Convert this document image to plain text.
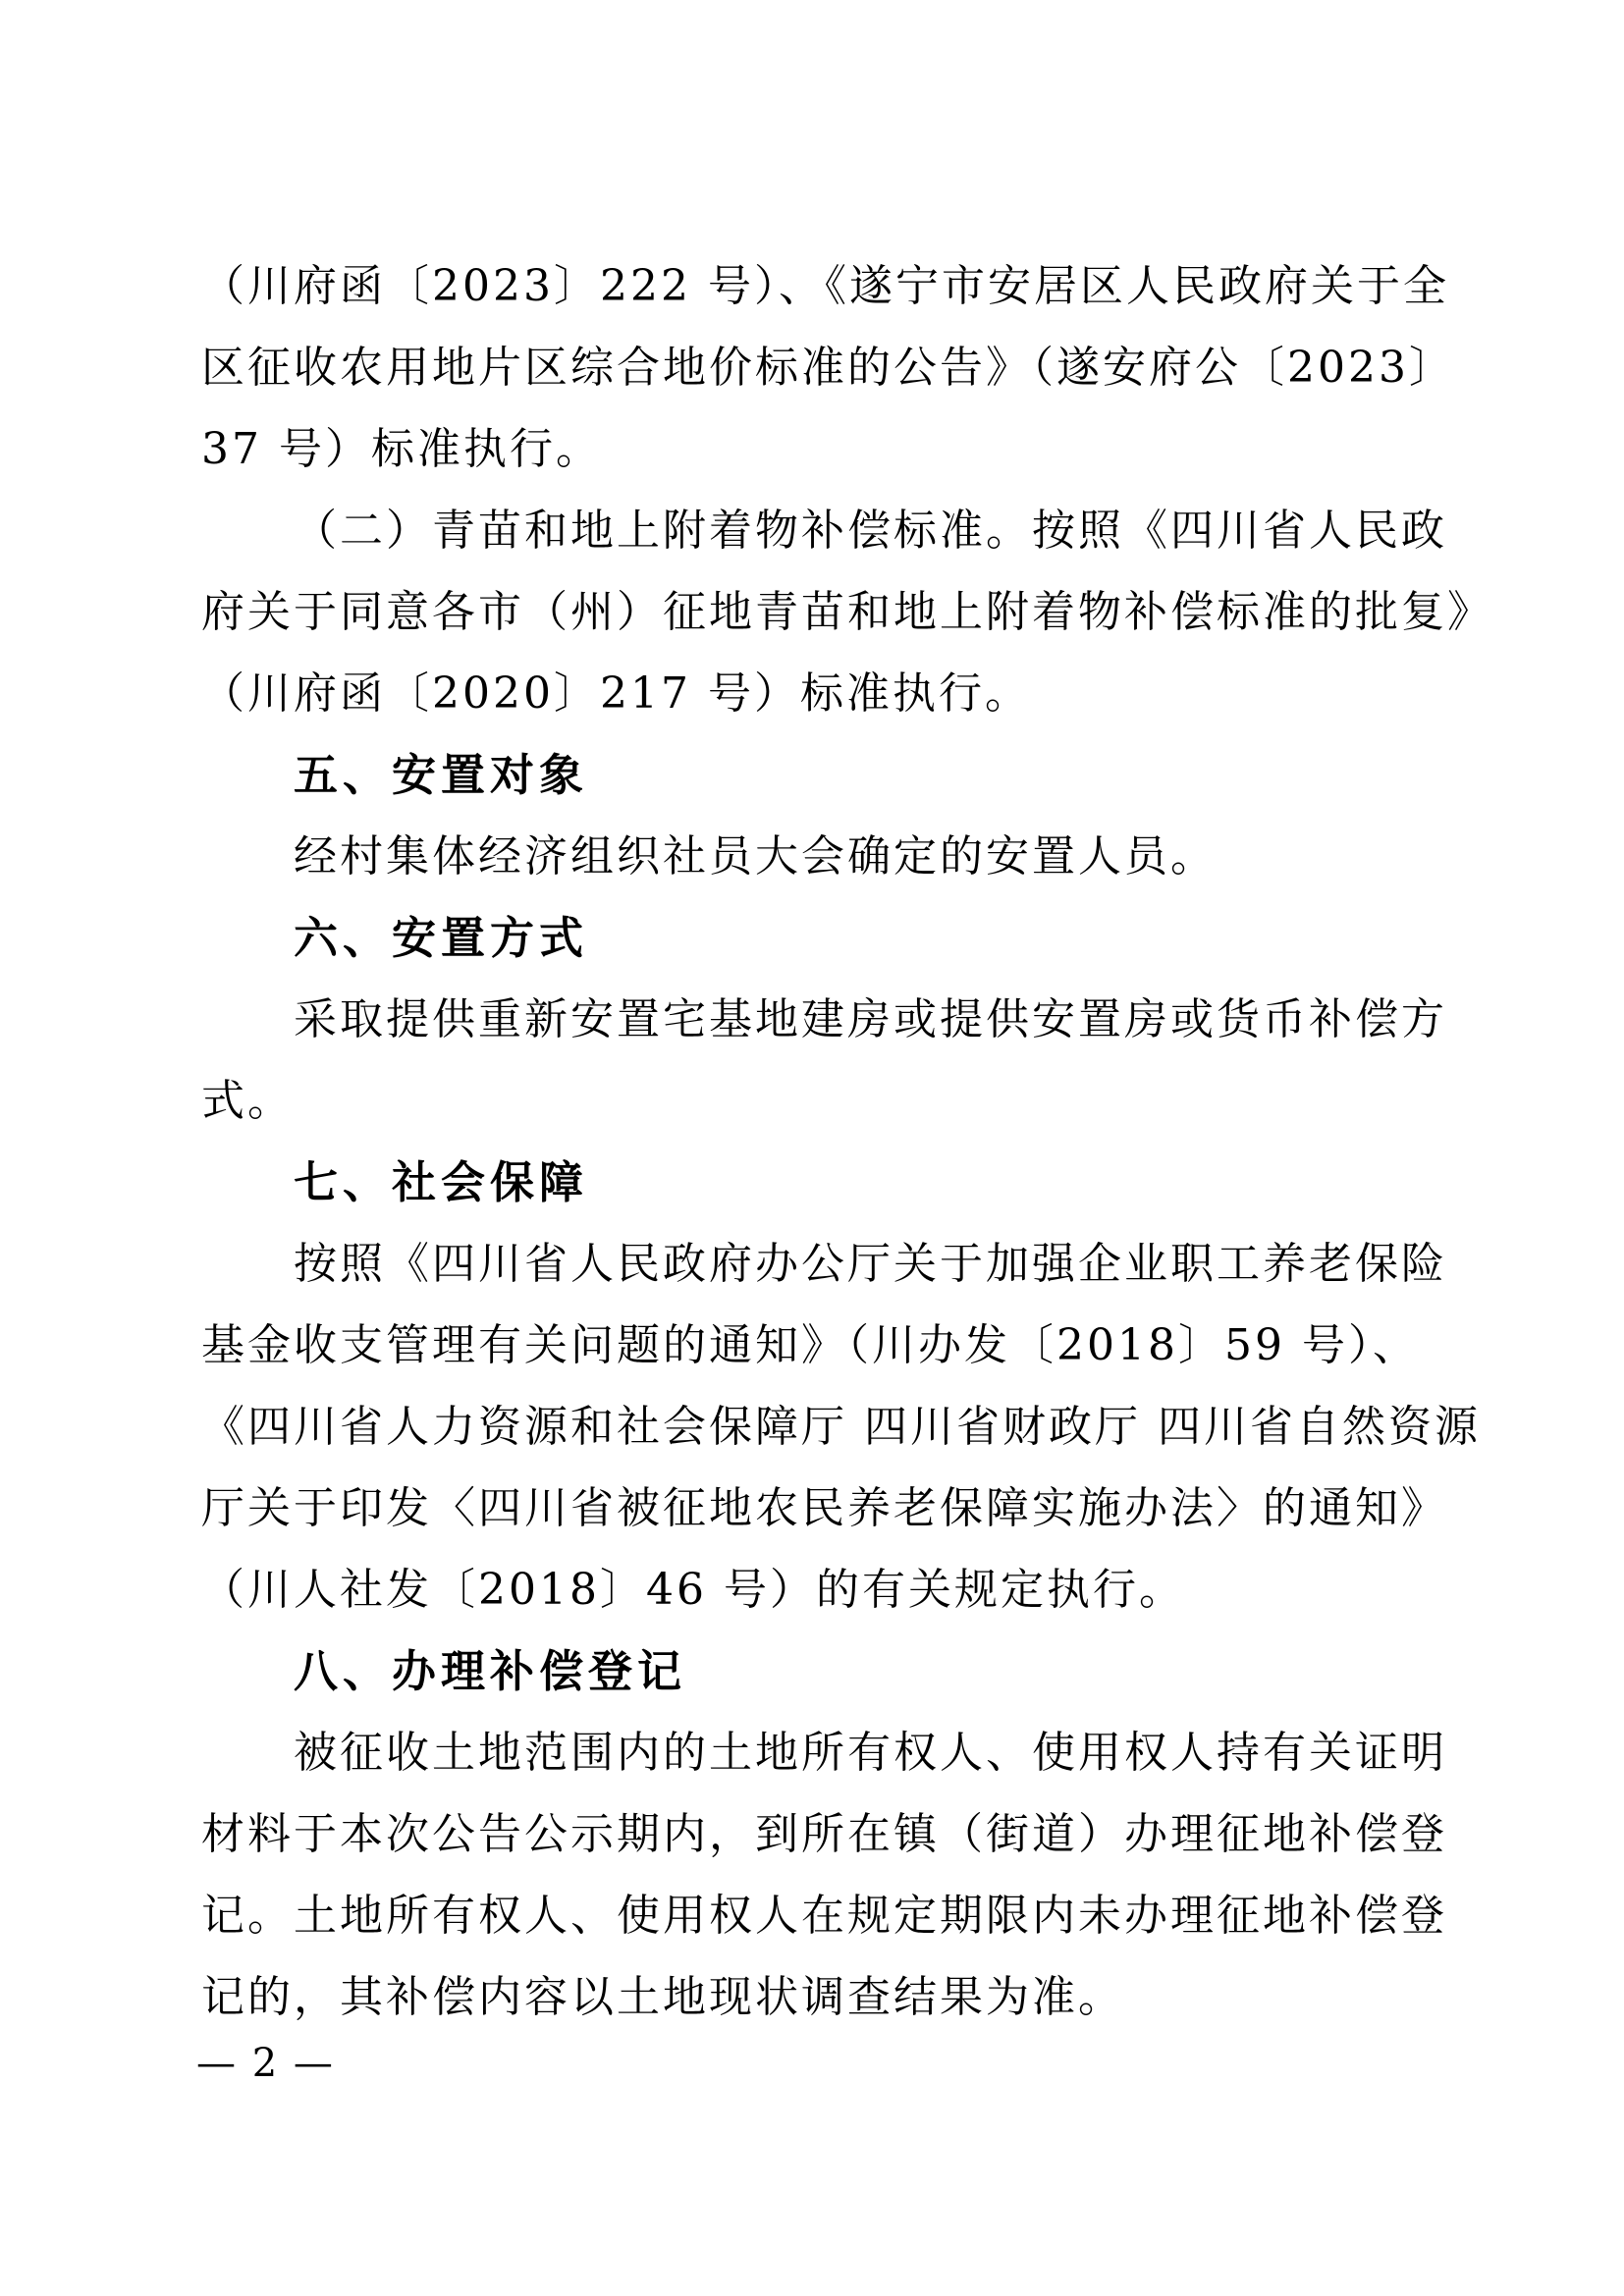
（川府函〔2023〕222 号）、《遂宁市安居区人民政府关于全
区征收农用地片区综合地价标准的公告》（遂安府公〔2023〕
37 号）标准执行。
（二）青苗和地上附着物补偿标准。按照《四川省人民政
府关于同意各市（州）征地青苗和地上附着物补偿标准的批复》
（川府函〔2020〕217 号）标准执行。
五、安置对象
经村集体经济组织社员大会确定的安置人员。
六、安置方式
采取提供重新安置宅基地建房或提供安置房或货币补偿方
式。
七、社会保障
按照《四川省人民政府办公厅关于加强企业职工养老保险
基金收支管理有关问题的通知》（川办发〔2018〕59 号）、
《四川省人力资源和社会保障厅 四川省财政厅 四川省自然资源
厅关于印发〈四川省被征地农民养老保障实施办法〉的通知》
（川人社发〔2018〕46 号）的有关规定执行。
八、办理补偿登记
被征收土地范围内的土地所有权人、使用权人持有关证明
材料于本次公告公示期内，到所在镇（街道）办理征地补偿登
记。土地所有权人、使用权人在规定期限内未办理征地补偿登
记的，其补偿内容以土地现状调查结果为准。
— 2 —
